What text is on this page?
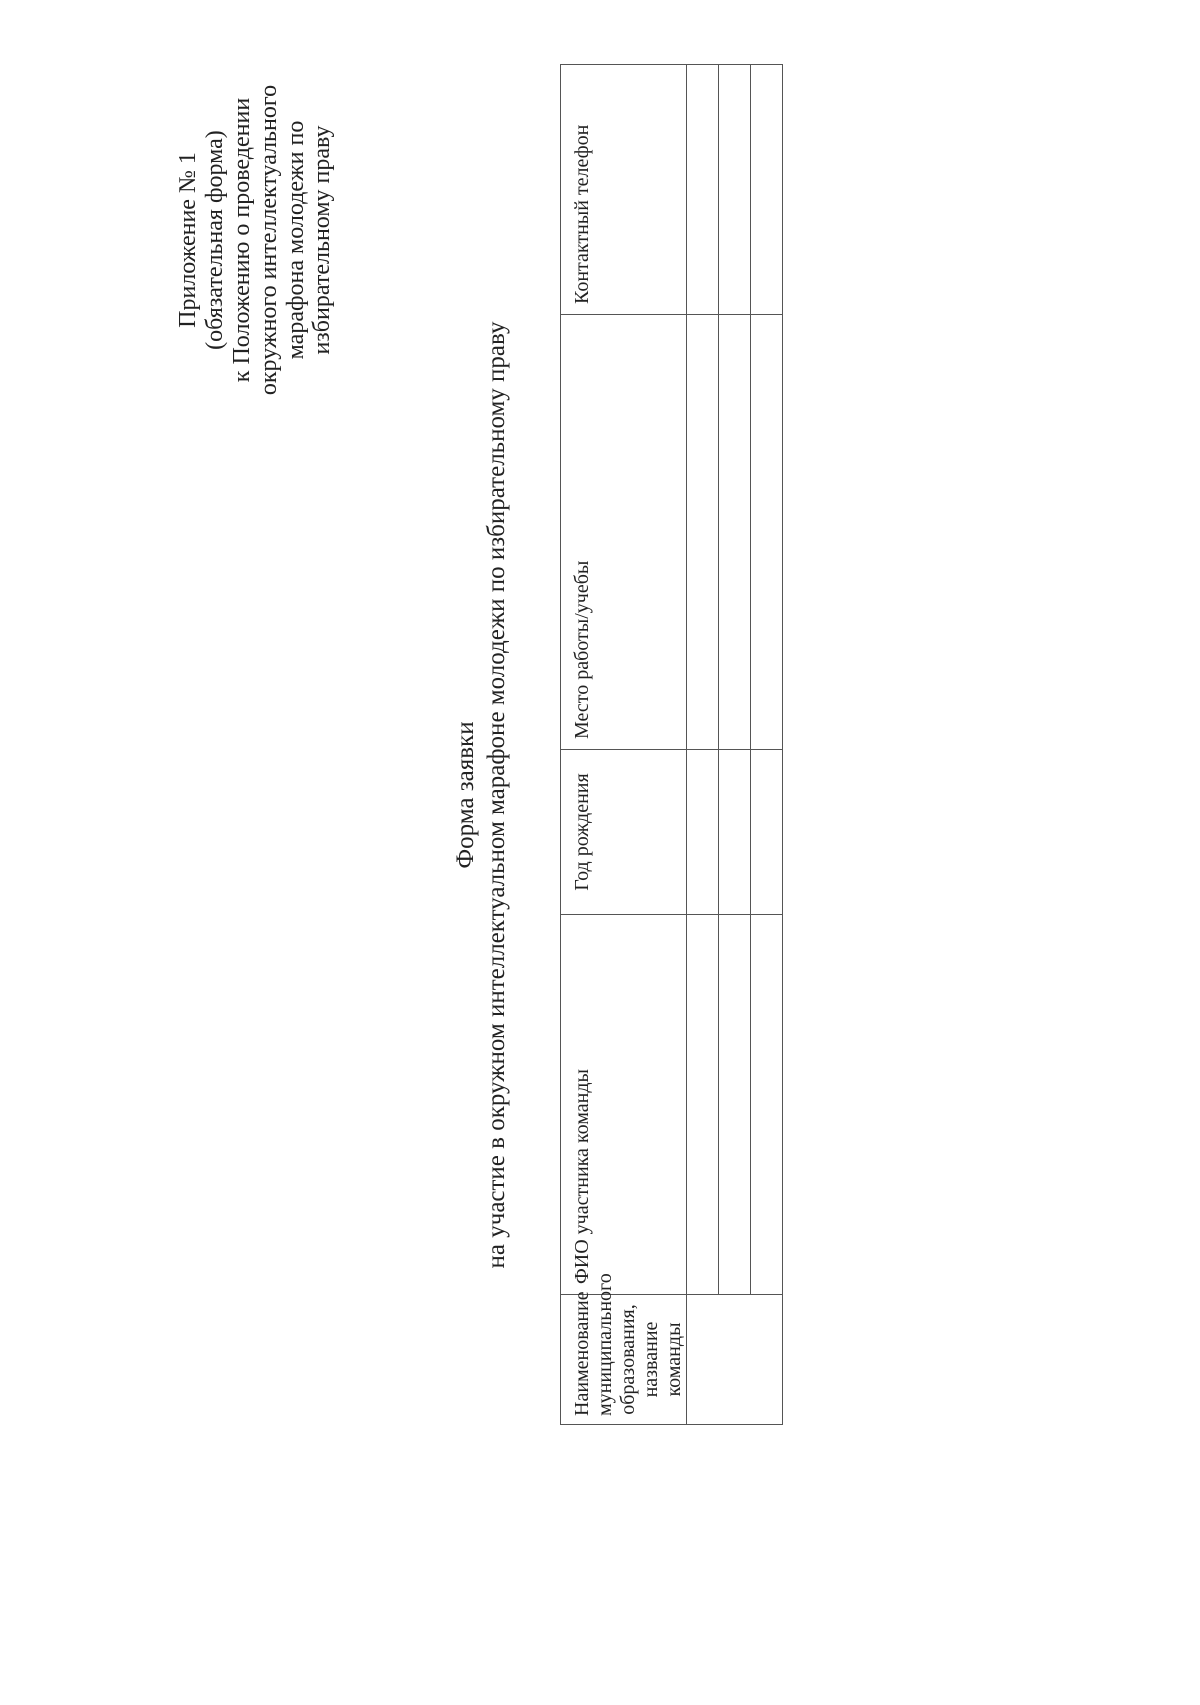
Приложение № 1 (обязательная форма) к Положению о проведении окружного интеллектуального марафона молодежи по избирательному праву
Форма заявки на участие в окружном интеллектуальном марафоне молодежи по избирательному праву
Наименование муниципального образования, название команды	ФИО участника команды	Год рождения	Место работы/учебы	Контактный телефон
